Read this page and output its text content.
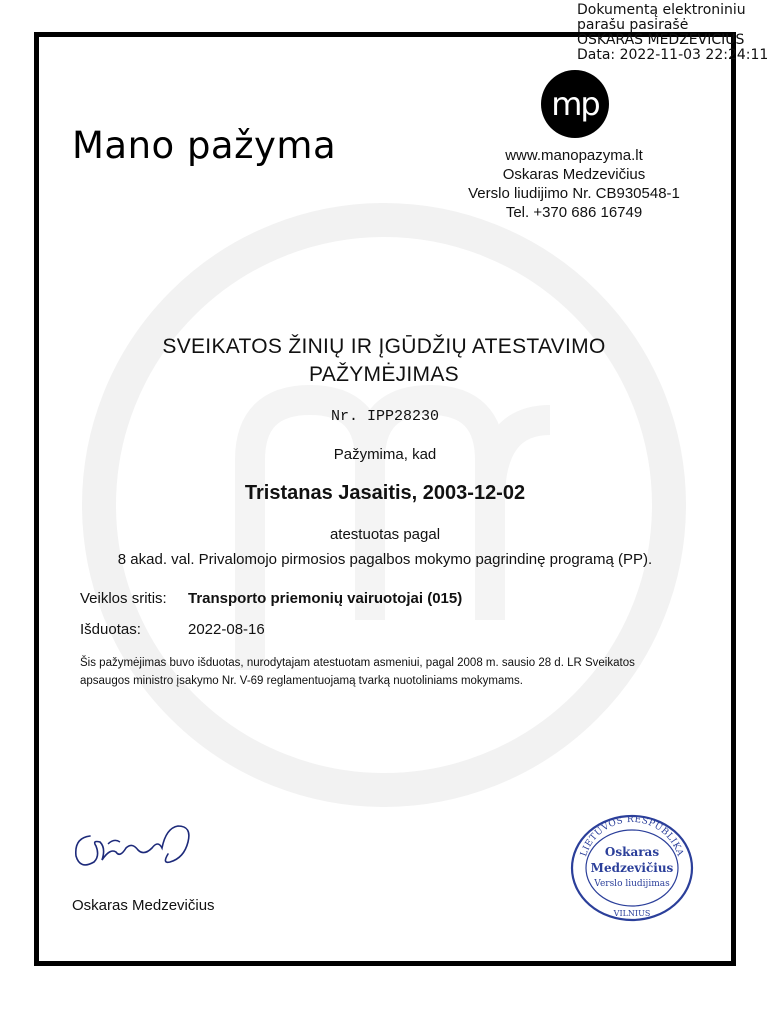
Dokumentą elektroniniu
parašu pasirašė
OSKARAS MEDZEVIČIUS
Data: 2022-11-03 22:24:11
Mano pažyma
mp
www.manopazyma.lt
Oskaras Medzevičius
Verslo liudijimo Nr. CB930548-1
Tel. +370 686 16749
SVEIKATOS ŽINIŲ IR ĮGŪDŽIŲ ATESTAVIMO PAŽYMĖJIMAS
Nr. IPP28230
Pažymima, kad
Tristanas Jasaitis, 2003-12-02
atestuotas pagal
8 akad. val. Privalomojo pirmosios pagalbos mokymo pagrindinę programą (PP).
Veiklos sritis:	Transporto priemonių vairuotojai (015)
Išduotas:	2022-08-16
Šis pažymėjimas buvo išduotas, nurodytajam atestuotam asmeniui, pagal 2008 m. sausio 28 d. LR Sveikatos apsaugos ministro įsakymo Nr. V-69 reglamentuojamą tvarką nuotoliniams mokymams.
Oskaras Medzevičius
LIETUVOS RESPUBLIKA
Oskaras
Medzevičius
Verslo liudijimas
VILNIUS
